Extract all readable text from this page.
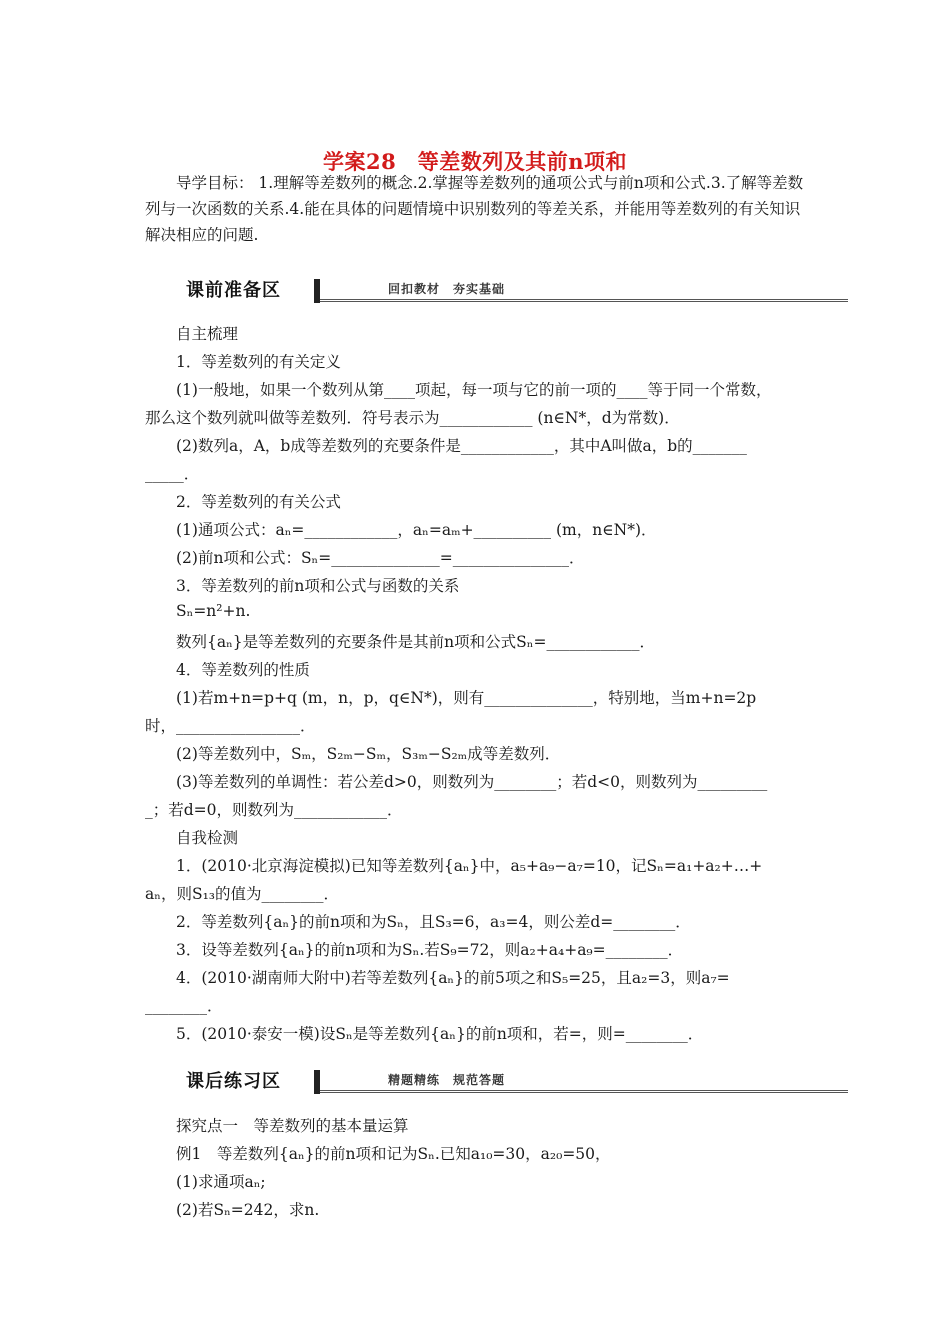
学案28　等差数列及其前n项和
导学目标： 1.理解等差数列的概念.2.掌握等差数列的通项公式与前n项和公式.3.了解等差数列与一次函数的关系.4.能在具体的问题情境中识别数列的等差关系，并能用等差数列的有关知识解决相应的问题.
课前准备区	回扣教材　夯实基础
课后练习区	精题精练　规范答题
自主梳理
1．等差数列的有关定义
(1)一般地，如果一个数列从第____项起，每一项与它的前一项的____等于同一个常数，
那么这个数列就叫做等差数列．符号表示为____________ (n∈N*，d为常数)．
(2)数列a，A，b成等差数列的充要条件是____________，其中A叫做a，b的_______
_____．
2．等差数列的有关公式
(1)通项公式：aₙ=____________，aₙ=aₘ+__________ (m，n∈N*)．
(2)前n项和公式：Sₙ=______________=_______________．
3．等差数列的前n项和公式与函数的关系
Sₙ=n²+n.
数列{aₙ}是等差数列的充要条件是其前n项和公式Sₙ=____________．
4．等差数列的性质
(1)若m+n=p+q (m，n，p，q∈N*)，则有______________，特别地，当m+n=2p
时，________________．
(2)等差数列中，Sₘ，S₂ₘ−Sₘ，S₃ₘ−S₂ₘ成等差数列．
(3)等差数列的单调性：若公差d>0，则数列为________；若d<0，则数列为_________
_；若d=0，则数列为____________．
自我检测
1．(2010·北京海淀模拟)已知等差数列{aₙ}中，a₅+a₉−a₇=10，记Sₙ=a₁+a₂+…+
aₙ，则S₁₃的值为________．
2．等差数列{aₙ}的前n项和为Sₙ，且S₃=6，a₃=4，则公差d=________．
3．设等差数列{aₙ}的前n项和为Sₙ.若S₉=72，则a₂+a₄+a₉=________．
4．(2010·湖南师大附中)若等差数列{aₙ}的前5项之和S₅=25，且a₂=3，则a₇=
________．
5．(2010·泰安一模)设Sₙ是等差数列{aₙ}的前n项和，若=，则=________．
探究点一　等差数列的基本量运算
例1　等差数列{aₙ}的前n项和记为Sₙ.已知a₁₀=30，a₂₀=50，
(1)求通项aₙ;
(2)若Sₙ=242，求n.
